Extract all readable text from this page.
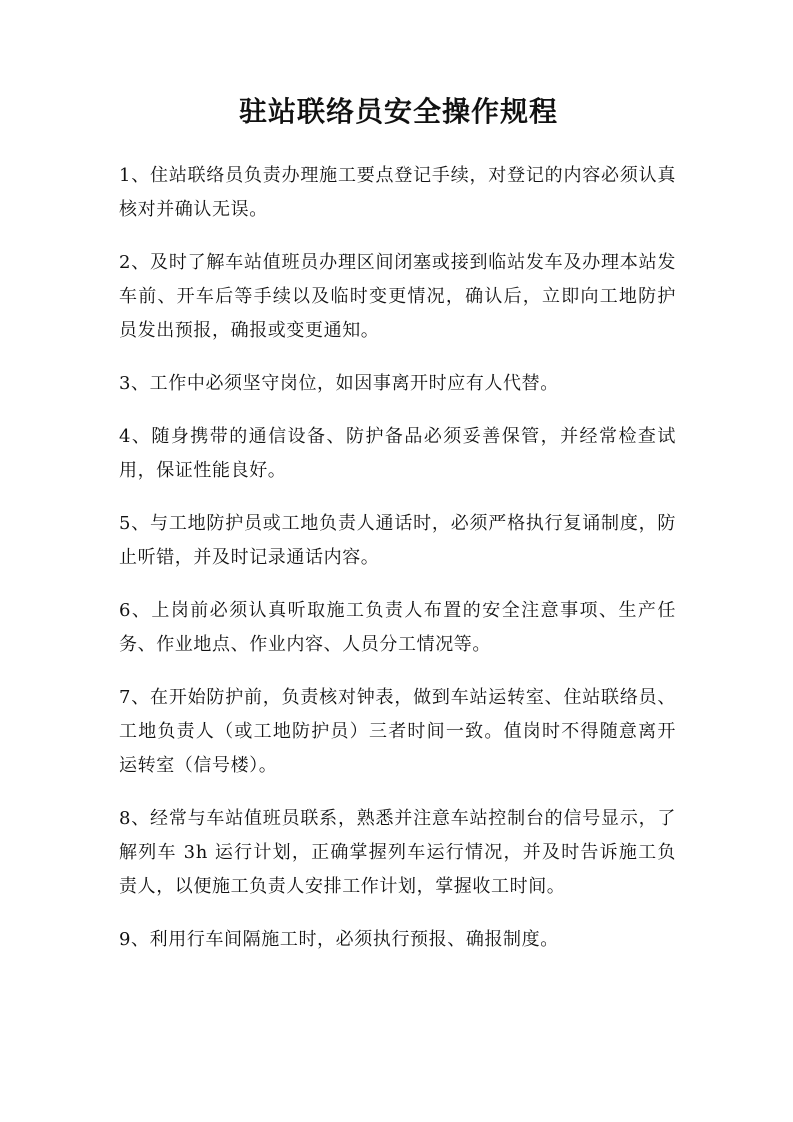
驻站联络员安全操作规程

1、住站联络员负责办理施工要点登记手续，对登记的内容必须认真核对并确认无误。

2、及时了解车站值班员办理区间闭塞或接到临站发车及办理本站发车前、开车后等手续以及临时变更情况，确认后，立即向工地防护员发出预报，确报或变更通知。

3、工作中必须坚守岗位，如因事离开时应有人代替。

4、随身携带的通信设备、防护备品必须妥善保管，并经常检查试用，保证性能良好。

5、与工地防护员或工地负责人通话时，必须严格执行复诵制度，防止听错，并及时记录通话内容。

6、上岗前必须认真听取施工负责人布置的安全注意事项、生产任务、作业地点、作业内容、人员分工情况等。

7、在开始防护前，负责核对钟表，做到车站运转室、住站联络员、工地负责人（或工地防护员）三者时间一致。值岗时不得随意离开运转室（信号楼）。

8、经常与车站值班员联系，熟悉并注意车站控制台的信号显示，了解列车 3h 运行计划，正确掌握列车运行情况，并及时告诉施工负责人，以便施工负责人安排工作计划，掌握收工时间。

9、利用行车间隔施工时，必须执行预报、确报制度。
